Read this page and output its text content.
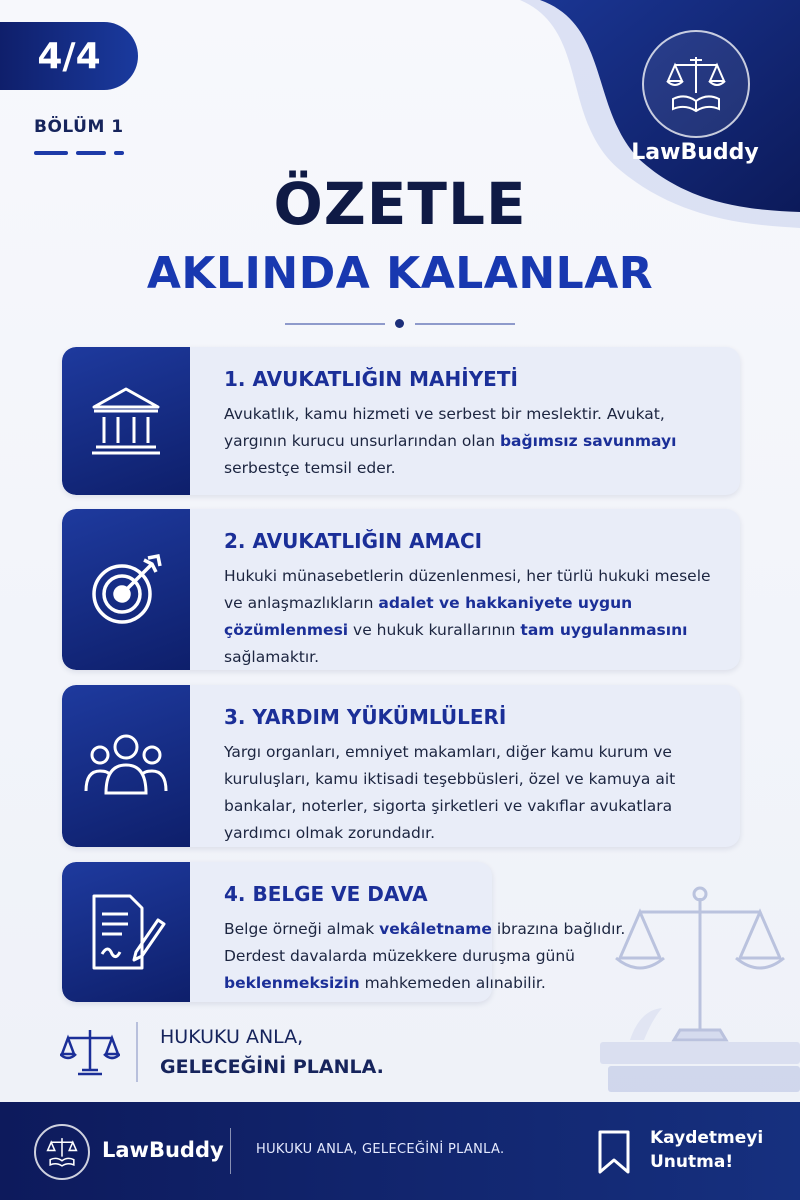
4/4
BÖLÜM 1
LawBuddy
ÖZETLE
AKLINDA KALANLAR
1. AVUKATLIĞIN MAHİYETİ
Avukatlık, kamu hizmeti ve serbest bir meslektir. Avukat, yargının kurucu unsurlarından olan bağımsız savunmayı serbestçe temsil eder.
2. AVUKATLIĞIN AMACI
Hukuki münasebetlerin düzenlenmesi, her türlü hukuki mesele ve anlaşmazlıkların adalet ve hakkaniyete uygun çözümlenmesi ve hukuk kurallarının tam uygulanmasını sağlamaktır.
3. YARDIM YÜKÜMLÜLERİ
Yargı organları, emniyet makamları, diğer kamu kurum ve kuruluşları, kamu iktisadi teşebbüsleri, özel ve kamuya ait bankalar, noterler, sigorta şirketleri ve vakıflar avukatlara yardımcı olmak zorundadır.
4. BELGE VE DAVA
Belge örneği almak vekâletname ibrazına bağlıdır. Derdest davalarda müzekkere duruşma günü beklenmeksizin mahkemeden alınabilir.
HUKUKU ANLA,
GELECEĞİNİ PLANLA.
LawBuddy HUKUKU ANLA, GELECEĞİNİ PLANLA.
Kaydetmeyi
Unutma!
